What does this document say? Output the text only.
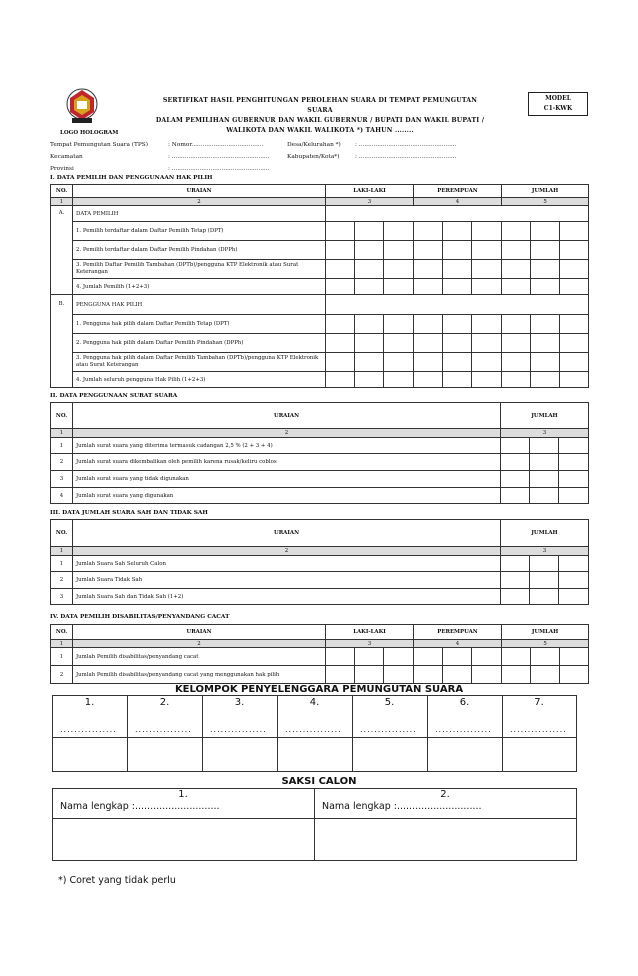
LOGO HOLOGRAM
SERTIFIKAT HASIL PENGHITUNGAN PEROLEHAN SUARA DI TEMPAT PEMUNGUTAN SUARA
DALAM PEMILIHAN GUBERNUR DAN WAKIL GUBERNUR / BUPATI DAN WAKIL BUPATI /
WALIKOTA DAN WAKIL WALIKOTA *) TAHUN ........
MODEL
C1-KWK
Tempat Pemungutan Suara (TPS)	: Nomor.......................................	Desa/Kelurahan *) : .....................................................
Kecamatan	: .....................................................	Kabupaten/Kota*)	: .....................................................
Provinsi	: .....................................................
I. DATA PEMILIH DAN PENGGUNAAN HAK PILIH
NO.	URAIAN	LAKI-LAKI			PEREMPUAN			JUMLAH		
1	2	3			4			5		
A.	DATA PEMILIH									
	1. Pemilih terdaftar dalam Daftar Pemilih Tetap (DPT)									
	2. Pemilih terdaftar dalam Daftar Pemilih Pindahan (DPPh)									
	3. Pemilih Daftar Pemilih Tambahan (DPTb)/pengguna KTP Elektronik atau Surat Keterangan									
	4. Jumlah Pemilih (1+2+3)									
B.	PENGGUNA HAK PILIH									
	1. Pengguna hak pilih dalam Daftar Pemilih Tetap (DPT)									
	2. Pengguna hak pilih dalam Daftar Pemilih Pindahan (DPPh)									
	3. Pengguna hak pilih dalam Daftar Pemilih Tambahan (DPTb)/pengguna KTP Elektronik atau Surat Keterangan									
	4. Jumlah seluruh pengguna Hak Pilih (1+2+3)									
II. DATA PENGGUNAAN SURAT SUARA
NO.	URAIAN	JUMLAH		
1	2	3		
1	Jumlah surat suara yang diterima termasuk cadangan 2,5 % (2 + 3 + 4)			
2	Jumlah surat suara dikembalikan oleh pemilih karena rusak/keliru coblos			
3	Jumlah surat suara yang tidak digunakan			
4	Jumlah surat suara yang digunakan			
III. DATA JUMLAH SUARA SAH DAN TIDAK SAH
NO.	URAIAN	JUMLAH		
1	2	3		
1	Jumlah Suara Sah Seluruh Calon			
2	Jumlah Suara Tidak Sah			
3	Jumlah Suara Sah dan Tidak Sah (1+2)			
IV. DATA PEMILIH DISABILITAS/PENYANDANG CACAT
NO.	URAIAN	LAKI-LAKI			PEREMPUAN			JUMLAH		
1	2	3			4			5		
1	Jumlah Pemilih disabilitas/penyandang cacat									
2	Jumlah Pemilih disabilitas/penyandang cacat yang menggunakan hak pilih									
KELOMPOK PENYELENGGARA PEMUNGUTAN SUARA

1.	2.	3.	4.	5.	6.	7.
................ ................ ................ ................ ................ ................ ................
SAKSI CALON

1.	2.
Nama lengkap :............................	Nama lengkap :............................
*) Coret yang tidak perlu
